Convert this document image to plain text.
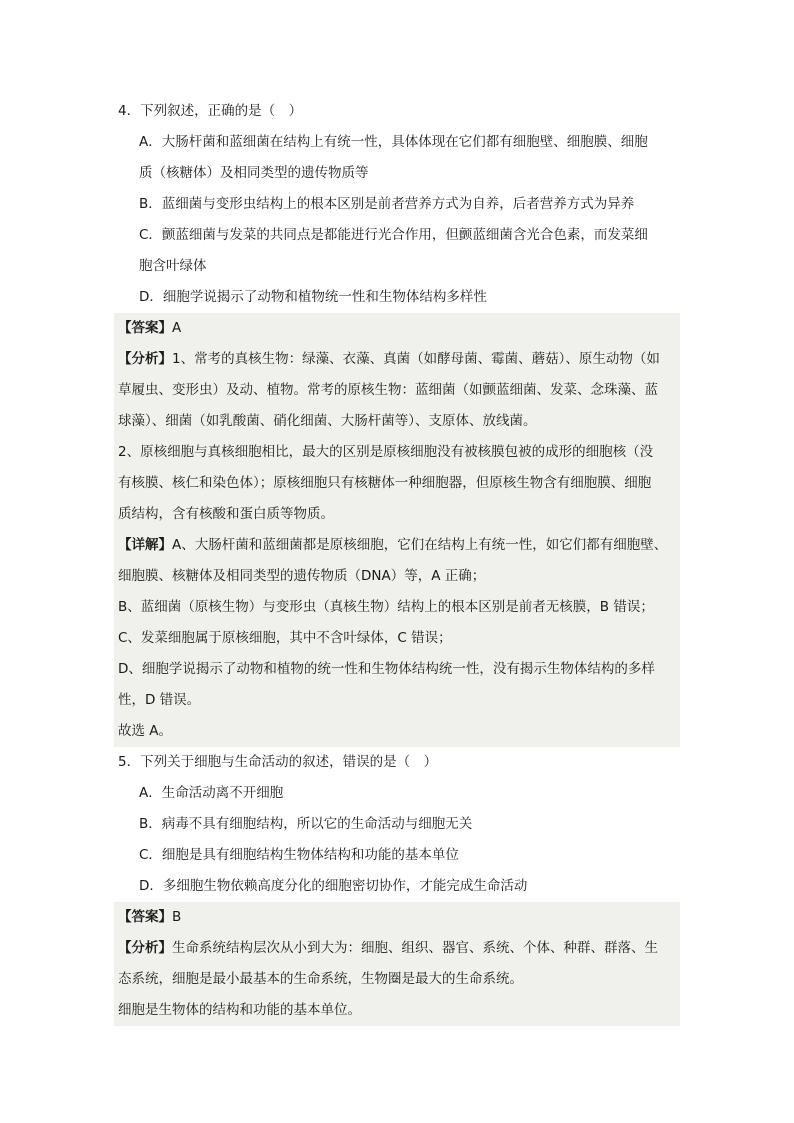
4．下列叙述，正确的是（　）
A．大肠杆菌和蓝细菌在结构上有统一性，具体体现在它们都有细胞壁、细胞膜、细胞
质（核糖体）及相同类型的遗传物质等
B．蓝细菌与变形虫结构上的根本区别是前者营养方式为自养，后者营养方式为异养
C．颤蓝细菌与发菜的共同点是都能进行光合作用，但颤蓝细菌含光合色素，而发菜细
胞含叶绿体
D．细胞学说揭示了动物和植物统一性和生物体结构多样性
【答案】A
【分析】1、常考的真核生物：绿藻、衣藻、真菌（如酵母菌、霉菌、蘑菇）、原生动物（如
草履虫、变形虫）及动、植物。常考的原核生物：蓝细菌（如颤蓝细菌、发菜、念珠藻、蓝
球藻）、细菌（如乳酸菌、硝化细菌、大肠杆菌等）、支原体、放线菌。
2、原核细胞与真核细胞相比，最大的区别是原核细胞没有被核膜包被的成形的细胞核（没
有核膜、核仁和染色体）；原核细胞只有核糖体一种细胞器，但原核生物含有细胞膜、细胞
质结构，含有核酸和蛋白质等物质。
【详解】A、大肠杆菌和蓝细菌都是原核细胞，它们在结构上有统一性，如它们都有细胞壁、
细胞膜、核糖体及相同类型的遗传物质（DNA）等，A 正确；
B、蓝细菌（原核生物）与变形虫（真核生物）结构上的根本区别是前者无核膜，B 错误；
C、发菜细胞属于原核细胞，其中不含叶绿体，C 错误；
D、细胞学说揭示了动物和植物的统一性和生物体结构统一性，没有揭示生物体结构的多样
性，D 错误。
故选 A。
5．下列关于细胞与生命活动的叙述，错误的是（　）
A．生命活动离不开细胞
B．病毒不具有细胞结构，所以它的生命活动与细胞无关
C．细胞是具有细胞结构生物体结构和功能的基本单位
D．多细胞生物依赖高度分化的细胞密切协作，才能完成生命活动
【答案】B
【分析】生命系统结构层次从小到大为：细胞、组织、器官、系统、个体、种群、群落、生
态系统，细胞是最小最基本的生命系统，生物圈是最大的生命系统。
细胞是生物体的结构和功能的基本单位。
